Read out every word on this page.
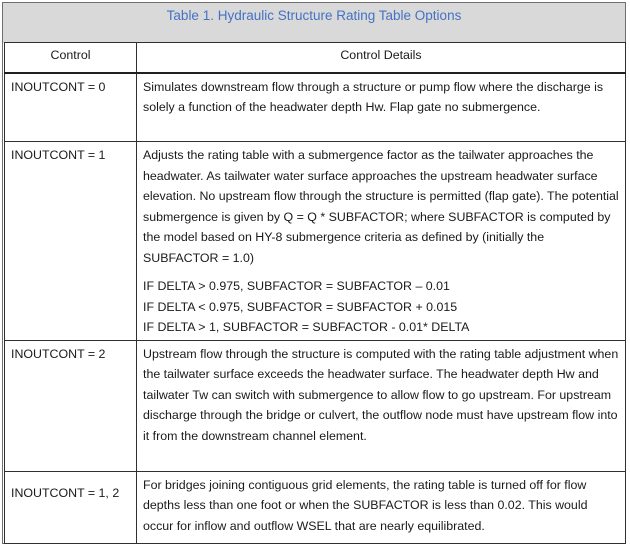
Table 1. Hydraulic Structure Rating Table Options
Control	Control Details
INOUTCONT = 0	Simulates downstream flow through a structure or pump flow where the discharge is solely a function of the headwater depth Hw. Flap gate no submergence.

INOUTCONT = 1	Adjusts the rating table with a submergence factor as the tailwater approaches the headwater. As tailwater water surface approaches the upstream headwater surface elevation. No upstream flow through the structure is permitted (flap gate). The potential submergence is given by Q = Q * SUBFACTOR; where SUBFACTOR is computed by the model based on HY-8 submergence criteria as defined by (initially the SUBFACTOR = 1.0)

IF DELTA > 0.975, SUBFACTOR = SUBFACTOR – 0.01
IF DELTA < 0.975, SUBFACTOR = SUBFACTOR + 0.015
IF DELTA > 1, SUBFACTOR = SUBFACTOR - 0.01* DELTA

INOUTCONT = 2	Upstream flow through the structure is computed with the rating table adjustment when the tailwater surface exceeds the headwater surface. The headwater depth Hw and tailwater Tw can switch with submergence to allow flow to go upstream. For upstream discharge through the bridge or culvert, the outflow node must have upstream flow into it from the downstream channel element.

INOUTCONT = 1, 2	For bridges joining contiguous grid elements, the rating table is turned off for flow depths less than one foot or when the SUBFACTOR is less than 0.02. This would occur for inflow and outflow WSEL that are nearly equilibrated.
